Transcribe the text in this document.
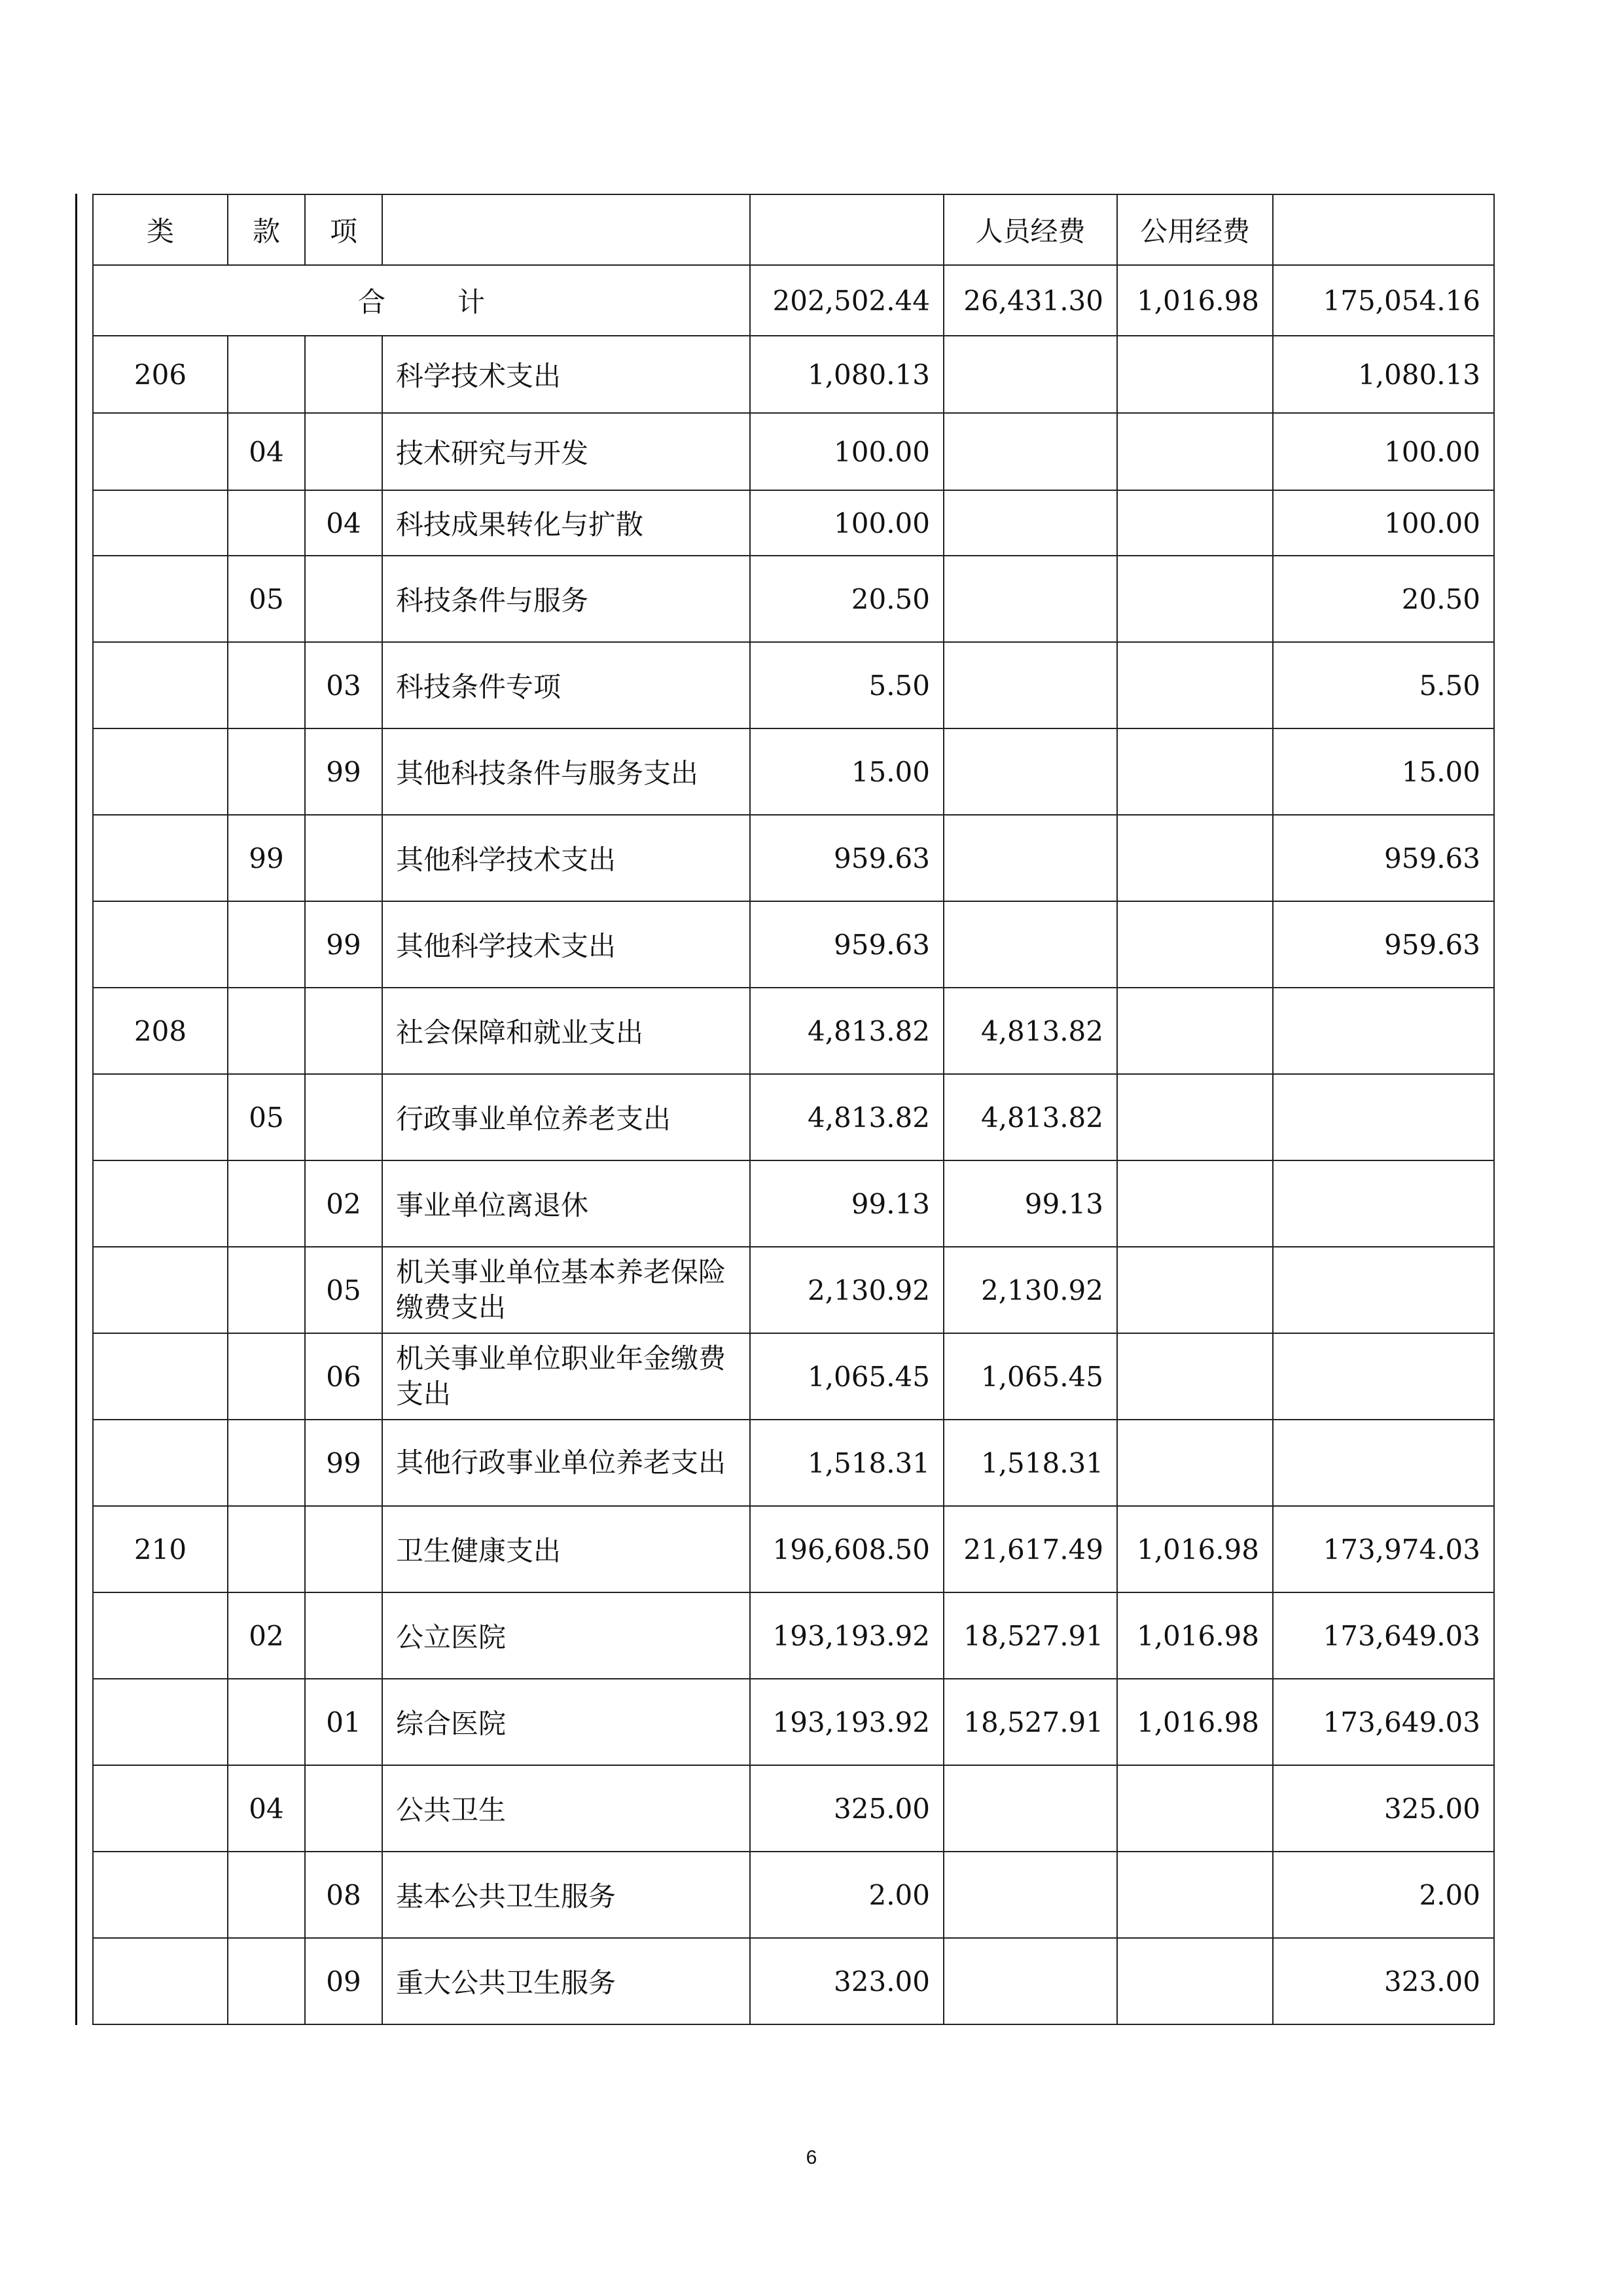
类	款	项			人员经费	公用经费	
合 计				202,502.44	26,431.30	1,016.98	175,054.16
206			科学技术支出	1,080.13			1,080.13
	04		技术研究与开发	100.00			100.00
		04	科技成果转化与扩散	100.00			100.00
	05		科技条件与服务	20.50			20.50
		03	科技条件专项	5.50			5.50
		99	其他科技条件与服务支出	15.00			15.00
	99		其他科学技术支出	959.63			959.63
		99	其他科学技术支出	959.63			959.63
208			社会保障和就业支出	4,813.82	4,813.82		
	05		行政事业单位养老支出	4,813.82	4,813.82		
		02	事业单位离退休	99.13	99.13		
		05	机关事业单位基本养老保险缴费支出	2,130.92	2,130.92		
		06	机关事业单位职业年金缴费支出	1,065.45	1,065.45		
		99	其他行政事业单位养老支出	1,518.31	1,518.31		
210			卫生健康支出	196,608.50	21,617.49	1,016.98	173,974.03
	02		公立医院	193,193.92	18,527.91	1,016.98	173,649.03
		01	综合医院	193,193.92	18,527.91	1,016.98	173,649.03
	04		公共卫生	325.00			325.00
		08	基本公共卫生服务	2.00			2.00
		09	重大公共卫生服务	323.00			323.00
6
